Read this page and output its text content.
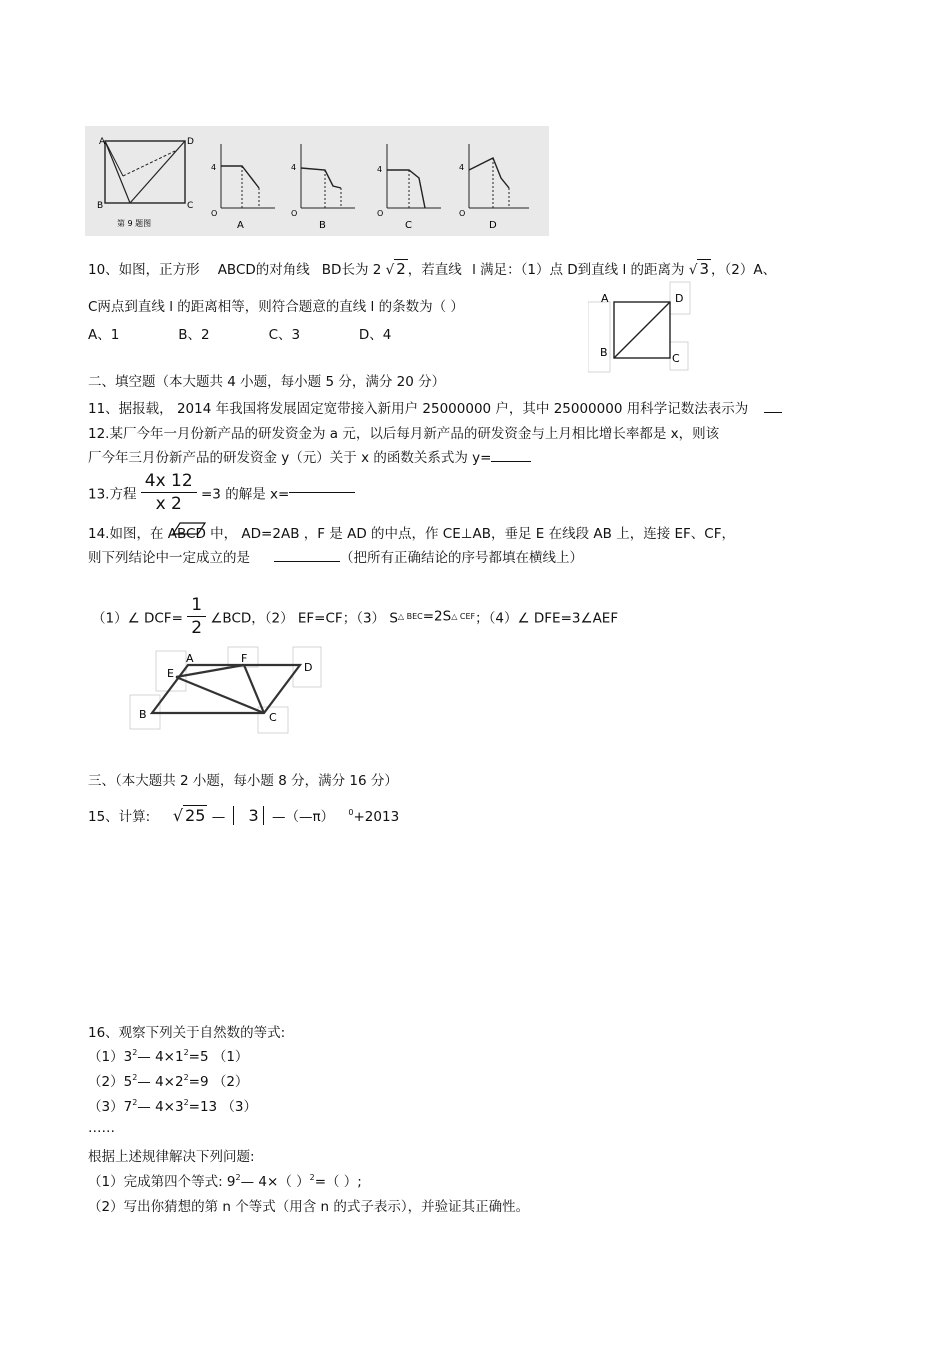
A
B	C
D
第 9 题图
4
O
A
4
O
B
4
O
C
4
O
D
10、如图，正方形 ABCD的对角线 BD长为 2 √ 2 ，若直线 l 满足：（1）点 D到直线 l 的距离为 √ 3 ，（2）A、
C两点到直线 l 的距离相等，则符合题意的直线 l 的条数为（ ）
A、1	B、2	C、3	D、4
A	D
B	C
二、填空题（本大题共 4 小题，每小题 5 分，满分 20 分）
11、据报载， 2014 年我国将发展固定宽带接入新用户 25000000 户，其中 25000000 用科学记数法表示为
12.某厂今年一月份新产品的研发资金为 a 元，以后每月新产品的研发资金与上月相比增长率都是 x，则该
厂今年三月份新产品的研发资金 y（元）关于 x 的函数关系式为 y=
13.方程 $\frac{4x 12}{x 2} =3$ 的解是 x=
14.如图，在 ABCD 中， AD=2AB ，F 是 AD 的中点，作 CE⊥AB，垂足 E 在线段 AB 上，连接 EF、CF，
则下列结论中一定成立的是	（把所有正确结论的序号都填在横线上）
（1）∠ $DCF= \frac{1}{2}$ ∠BCD，（2） EF=CF；（3） S△ BEC=2S△ CEF；（4）∠ DFE=3∠AEF
A
E
F
D
B	C
三、（本大题共 2 小题，每小题 8 分，满分 16 分）
15、计算: √ 25 — 3 —（—π） $^0$+2013
16、观察下列关于自然数的等式:
$(1)3^2—$ $4\times 1^2=5$ （1）
$(2)5^2—$ $4\times 2^2=9$ （2）
$(3)7^2—$ $4\times 3^2=13$ （3）
……
根据上述规律解决下列问题:
（1）完成第四个等式: $9^2—$ 4×（ ）$^2$=（ ）;
（2）写出你猜想的第 n 个等式（用含 n 的式子表示），并验证其正确性。
